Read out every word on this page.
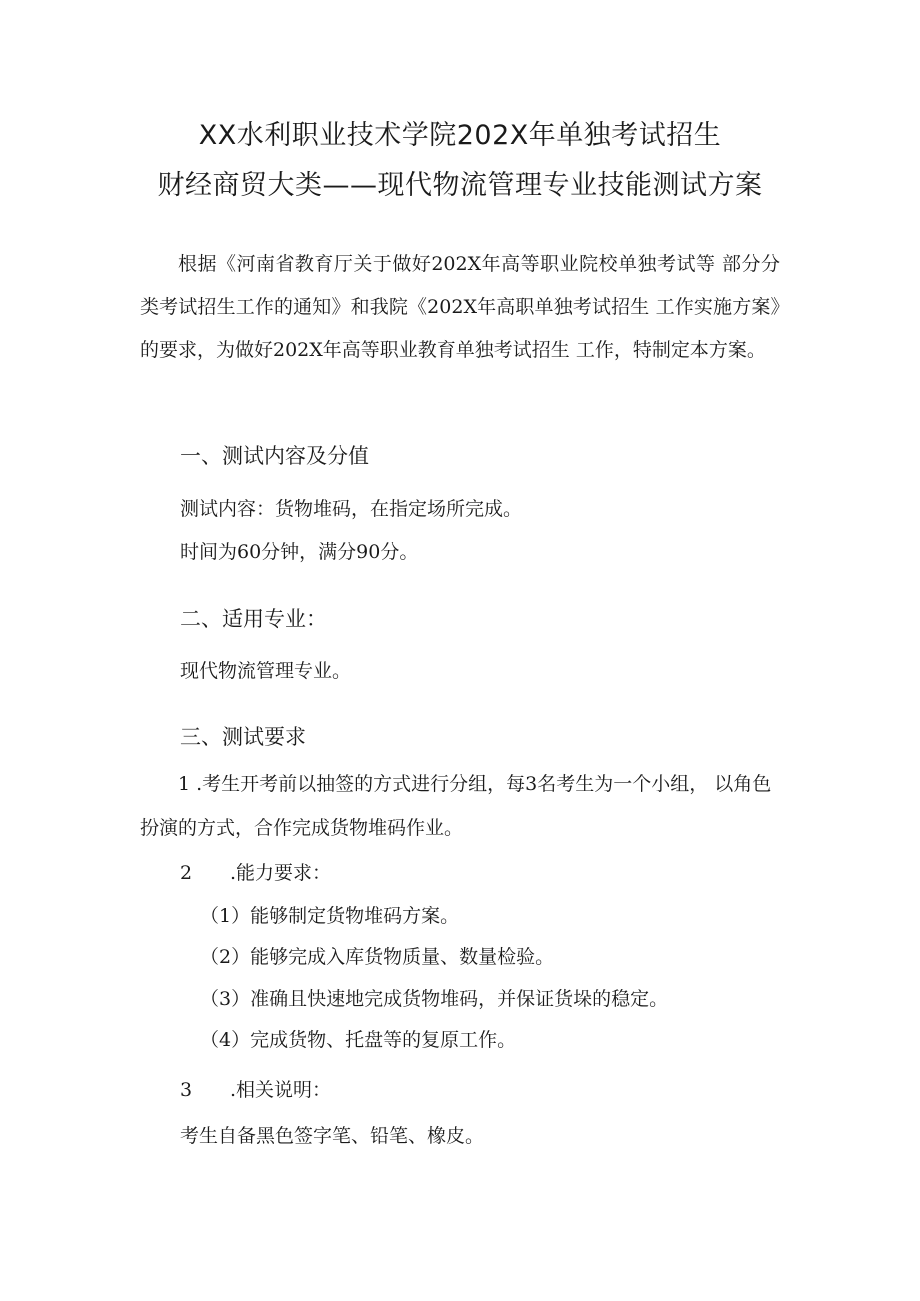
XX水利职业技术学院202X年单独考试招生
财经商贸大类——现代物流管理专业技能测试方案

根据《河南省教育厅关于做好202X年高等职业院校单独考试等 部分分类考试招生工作的通知》和我院《202X年高职单独考试招生 工作实施方案》的要求，为做好202X年高等职业教育单独考试招生 工作，特制定本方案。

一、测试内容及分值
测试内容：货物堆码，在指定场所完成。
时间为60分钟，满分90分。
二、适用专业：
现代物流管理专业。
三、测试要求

1 .考生开考前以抽签的方式进行分组，每3名考生为一个小组， 以角色扮演的方式，合作完成货物堆码作业。

2 .能力要求：
（1）能够制定货物堆码方案。
（2）能够完成入库货物质量、数量检验。
（3）准确且快速地完成货物堆码，并保证货垛的稳定。
（4）完成货物、托盘等的复原工作。
3 .相关说明：
考生自备黑色签字笔、铅笔、橡皮。
